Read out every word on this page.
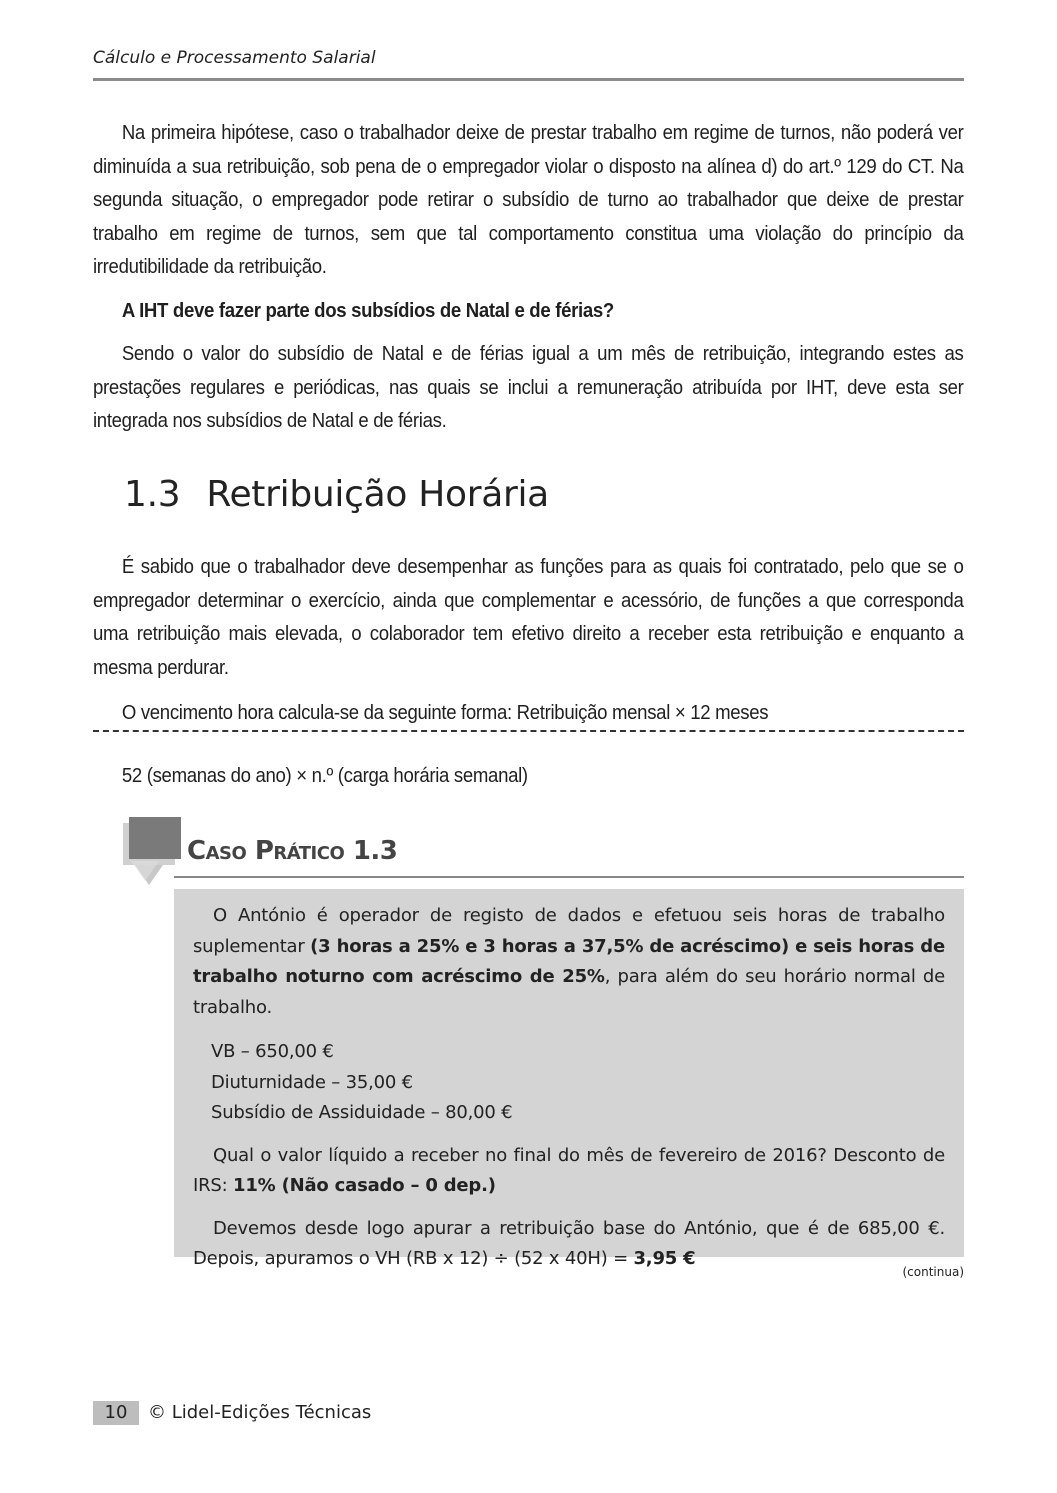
Cálculo e Processamento Salarial

Na primeira hipótese, caso o trabalhador deixe de prestar trabalho em regime de turnos, não poderá ver diminuída a sua retribuição, sob pena de o empregador violar o disposto na alínea d) do art.º 129 do CT. Na segunda situação, o empregador pode retirar o subsídio de turno ao trabalhador que deixe de prestar trabalho em regime de turnos, sem que tal comportamento constitua uma violação do princípio da irredutibilidade da retribuição.

A IHT deve fazer parte dos subsídios de Natal e de férias?

Sendo o valor do subsídio de Natal e de férias igual a um mês de retribuição, integrando estes as prestações regulares e periódicas, nas quais se inclui a remuneração atribuída por IHT, deve esta ser integrada nos subsídios de Natal e de férias.

1.3 Retribuição Horária

É sabido que o trabalhador deve desempenhar as funções para as quais foi contratado, pelo que se o empregador determinar o exercício, ainda que complementar e acessório, de funções a que corresponda uma retribuição mais elevada, o colaborador tem efetivo direito a receber esta retribuição e enquanto a mesma perdurar.

O vencimento hora calcula-se da seguinte forma: Retribuição mensal × 12 meses

52 (semanas do ano) × n.º (carga horária semanal)

Caso Prático 1.3

O António é operador de registo de dados e efetuou seis horas de trabalho suplementar (3 horas a 25% e 3 horas a 37,5% de acréscimo) e seis horas de trabalho noturno com acréscimo de 25%, para além do seu horário normal de trabalho.

VB – 650,00 €
Diuturnidade – 35,00 €
Subsídio de Assiduidade – 80,00 €

Qual o valor líquido a receber no final do mês de fevereiro de 2016? Desconto de IRS: 11% (Não casado – 0 dep.)

Devemos desde logo apurar a retribuição base do António, que é de 685,00 €. Depois, apuramos o VH (RB x 12) ÷ (52 x 40H) = 3,95 €

(continua)
10	© Lidel-Edições Técnicas
